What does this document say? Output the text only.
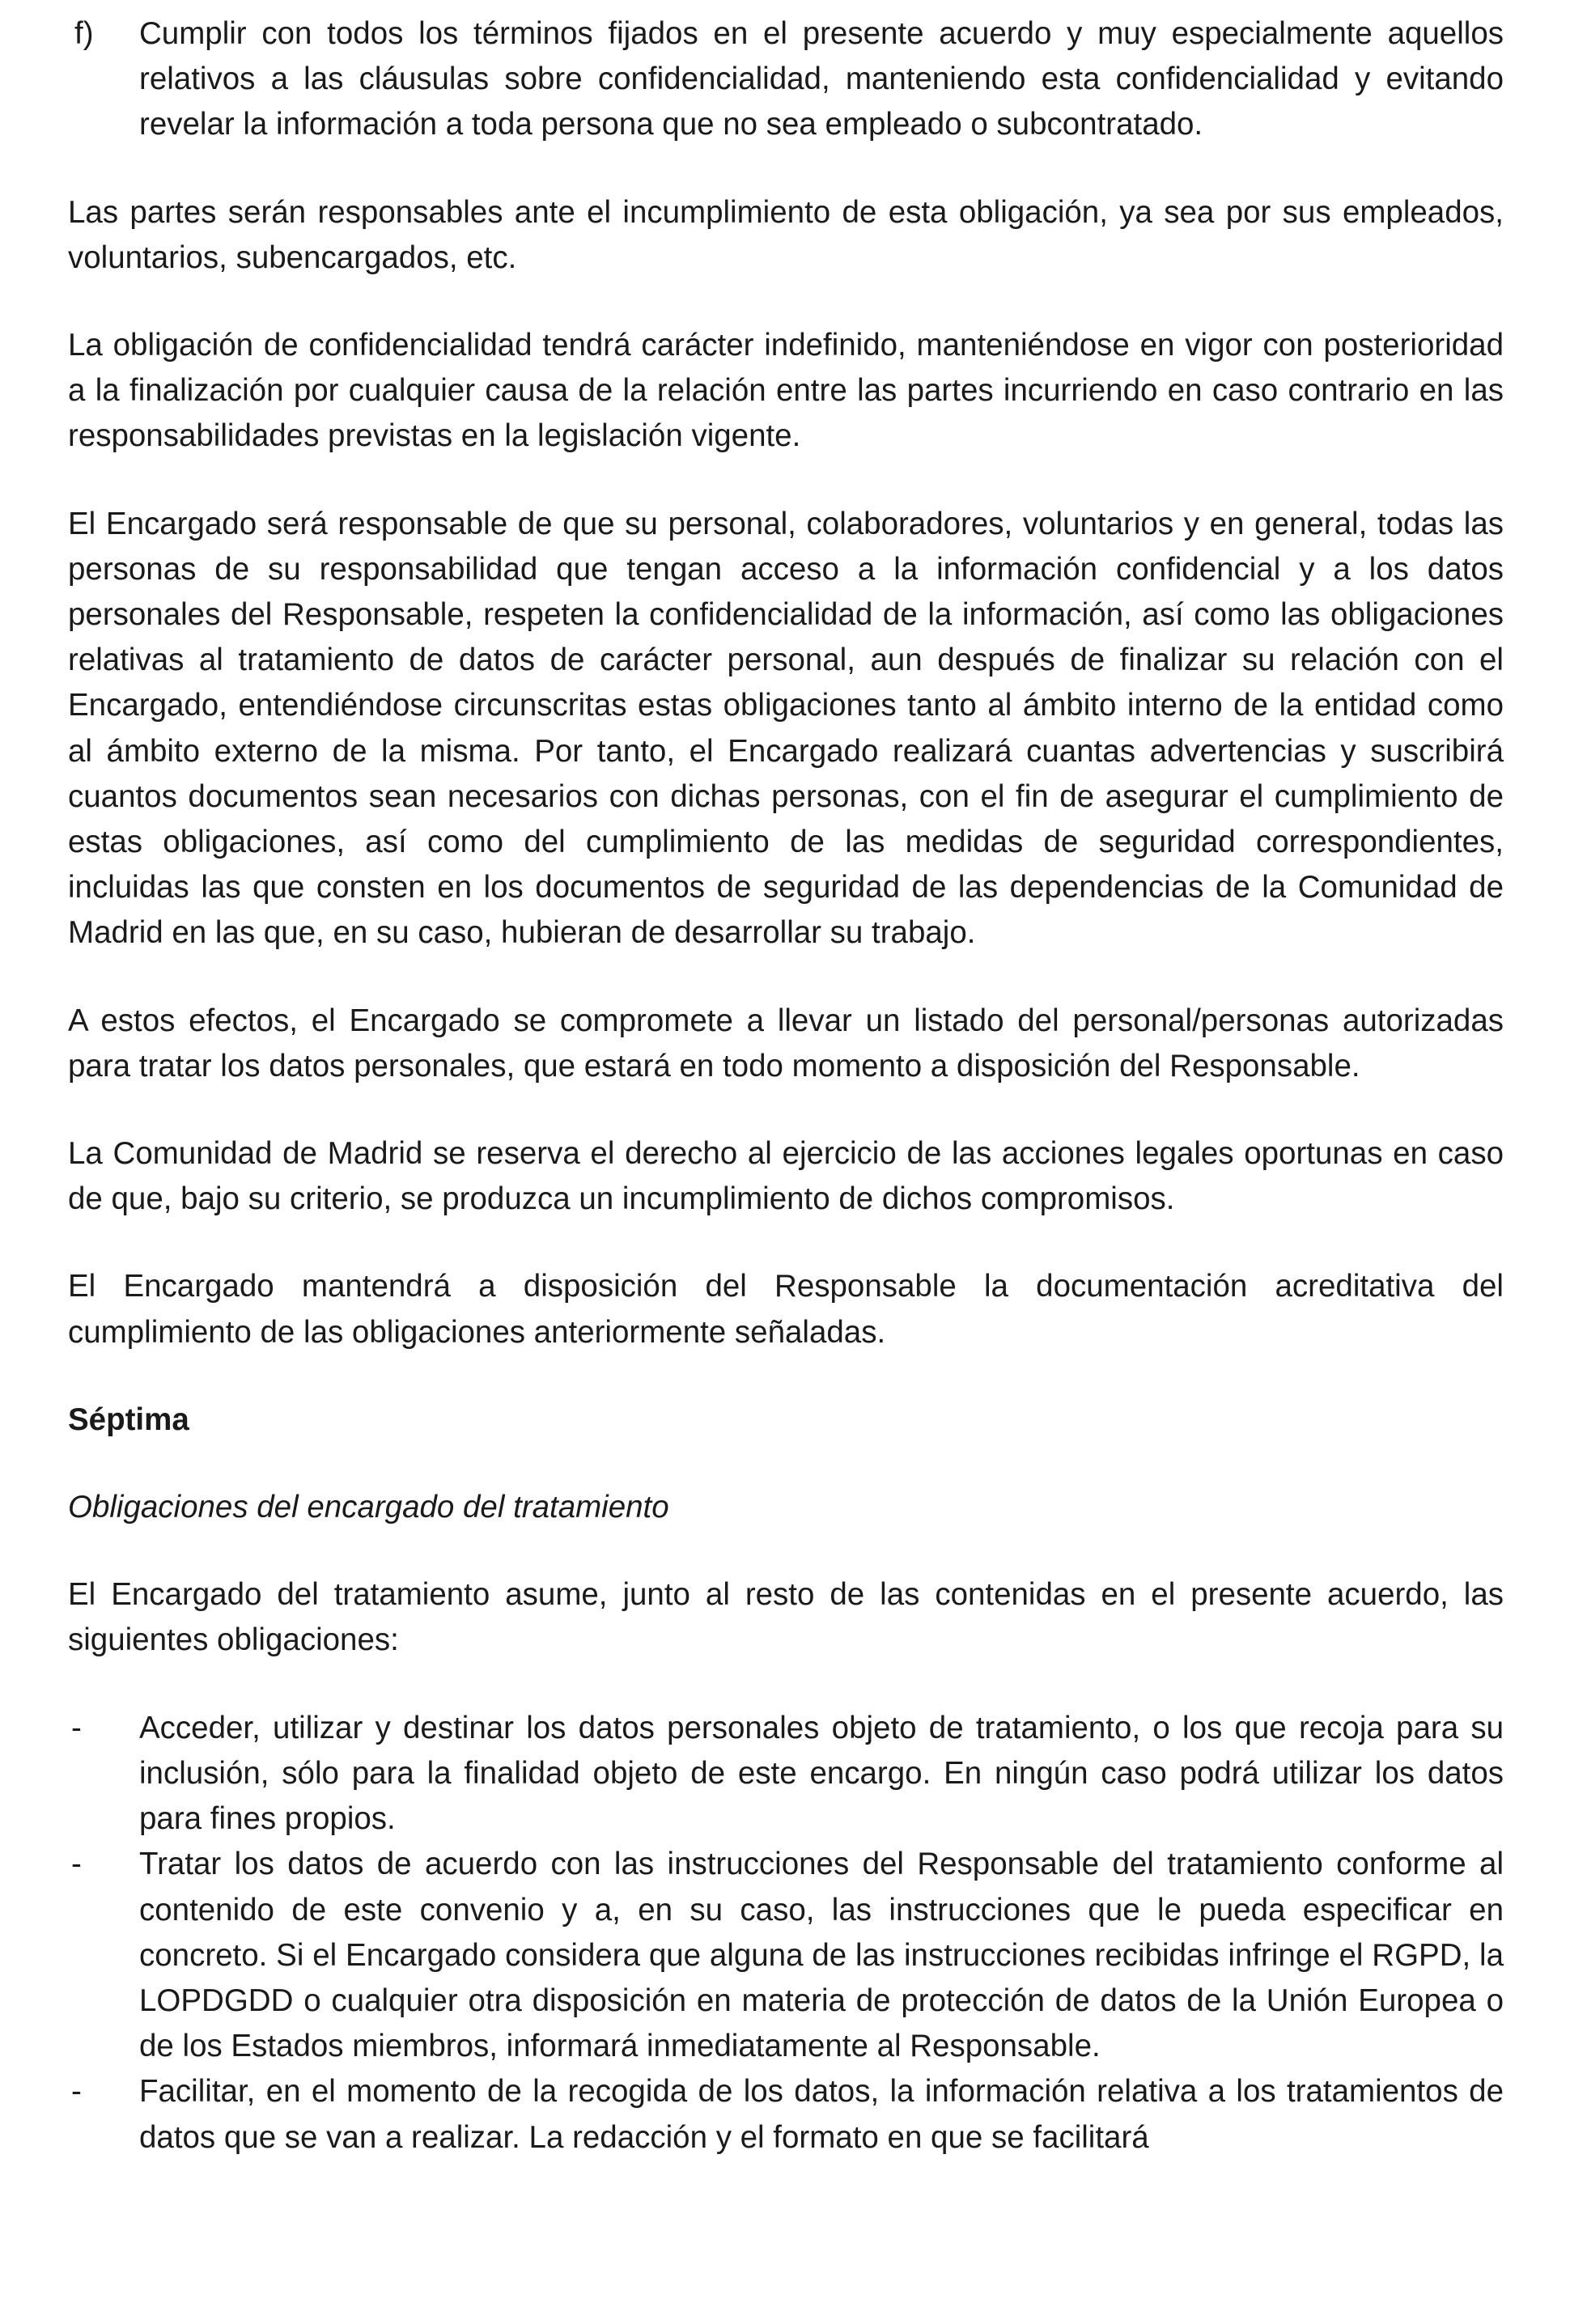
f) Cumplir con todos los términos fijados en el presente acuerdo y muy especialmente aquellos relativos a las cláusulas sobre confidencialidad, manteniendo esta confidencialidad y evitando revelar la información a toda persona que no sea empleado o subcontratado.

Las partes serán responsables ante el incumplimiento de esta obligación, ya sea por sus empleados, voluntarios, subencargados, etc.

La obligación de confidencialidad tendrá carácter indefinido, manteniéndose en vigor con posterioridad a la finalización por cualquier causa de la relación entre las partes incurriendo en caso contrario en las responsabilidades previstas en la legislación vigente.

El Encargado será responsable de que su personal, colaboradores, voluntarios y en general, todas las personas de su responsabilidad que tengan acceso a la información confidencial y a los datos personales del Responsable, respeten la confidencialidad de la información, así como las obligaciones relativas al tratamiento de datos de carácter personal, aun después de finalizar su relación con el Encargado, entendiéndose circunscritas estas obligaciones tanto al ámbito interno de la entidad como al ámbito externo de la misma. Por tanto, el Encargado realizará cuantas advertencias y suscribirá cuantos documentos sean necesarios con dichas personas, con el fin de asegurar el cumplimiento de estas obligaciones, así como del cumplimiento de las medidas de seguridad correspondientes, incluidas las que consten en los documentos de seguridad de las dependencias de la Comunidad de Madrid en las que, en su caso, hubieran de desarrollar su trabajo.

A estos efectos, el Encargado se compromete a llevar un listado del personal/personas autorizadas para tratar los datos personales, que estará en todo momento a disposición del Responsable.

La Comunidad de Madrid se reserva el derecho al ejercicio de las acciones legales oportunas en caso de que, bajo su criterio, se produzca un incumplimiento de dichos compromisos.

El Encargado mantendrá a disposición del Responsable la documentación acreditativa del cumplimiento de las obligaciones anteriormente señaladas.

Séptima

Obligaciones del encargado del tratamiento

El Encargado del tratamiento asume, junto al resto de las contenidas en el presente acuerdo, las siguientes obligaciones:

- Acceder, utilizar y destinar los datos personales objeto de tratamiento, o los que recoja para su inclusión, sólo para la finalidad objeto de este encargo. En ningún caso podrá utilizar los datos para fines propios.
- Tratar los datos de acuerdo con las instrucciones del Responsable del tratamiento conforme al contenido de este convenio y a, en su caso, las instrucciones que le pueda especificar en concreto. Si el Encargado considera que alguna de las instrucciones recibidas infringe el RGPD, la LOPDGDD o cualquier otra disposición en materia de protección de datos de la Unión Europea o de los Estados miembros, informará inmediatamente al Responsable.
- Facilitar, en el momento de la recogida de los datos, la información relativa a los tratamientos de datos que se van a realizar. La redacción y el formato en que se facilitará
